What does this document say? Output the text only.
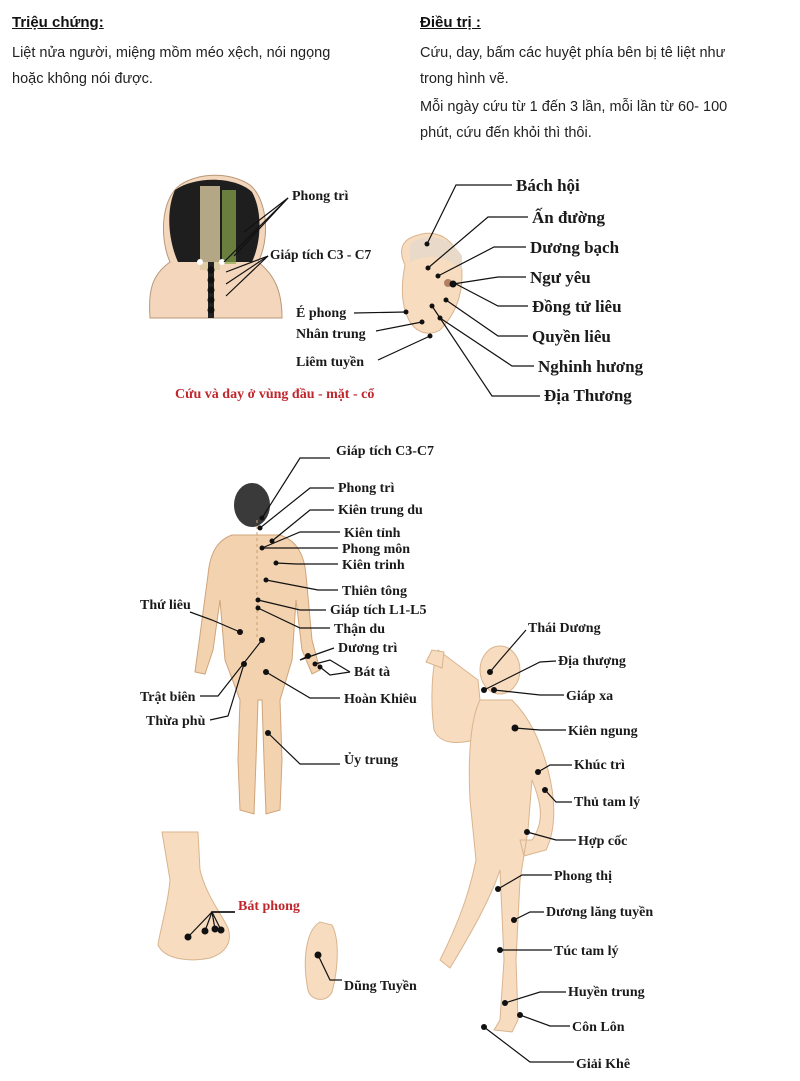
Triệu chứng:
Liệt nửa người, miệng mồm méo xệch, nói ngọng
hoặc không nói được.
Điều trị :
Cứu, day, bấm các huyệt phía bên bị tê liệt như
trong hình vẽ.
Mỗi ngày cứu từ 1 đến 3 lần, mỗi lần từ 60- 100
phút, cứu đến khỏi thì thôi.
Phong trì
Giáp tích C3 - C7
Bách hội
Ấn đường
Dương bạch
Ngư yêu
Đồng tử liêu
Quyền liêu
Nghinh hương
Địa Thương
É phong
Nhân trung
Liêm tuyền
Cứu và day ở vùng đầu - mặt - cổ
Giáp tích C3-C7
Phong trì
Kiên trung du
Kiên tỉnh
Phong môn
Kiên trinh
Thiên tông
Giáp tích L1-L5
Thận du
Dương trì
Bát tà
Hoàn Khiêu
Ủy trung
Thứ liêu
Trật biên
Thừa phù
Thái Dương
Địa thượng
Giáp xa
Kiên ngung
Khúc trì
Thủ tam lý
Hợp cốc
Phong thị
Dương lăng tuyền
Túc tam lý
Huyền trung
Côn Lôn
Giải Khê
Bát phong
Dũng Tuyền
